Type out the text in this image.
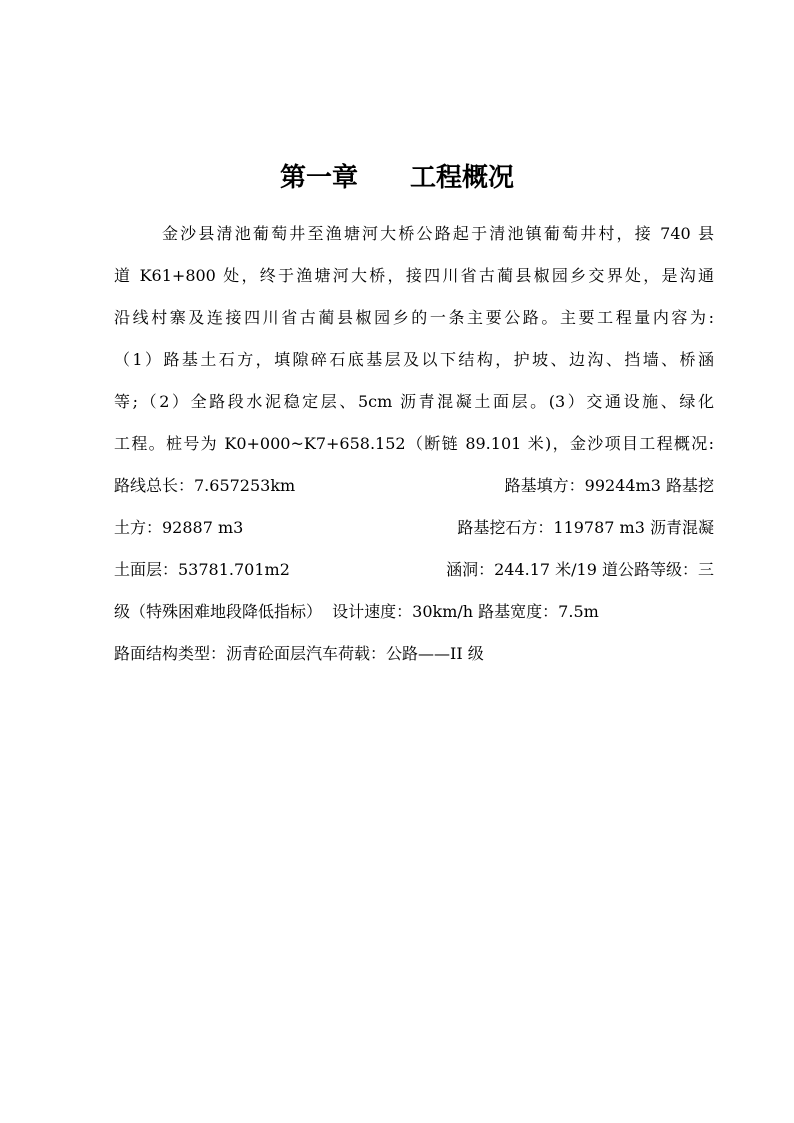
第一章　　工程概况
金沙县清池葡萄井至渔塘河大桥公路起于清池镇葡萄井村，接 740 县
道 K61+800 处，终于渔塘河大桥，接四川省古蔺县椒园乡交界处，是沟通
沿线村寨及连接四川省古蔺县椒园乡的一条主要公路。主要工程量内容为:
（1）路基土石方，填隙碎石底基层及以下结构，护坡、边沟、挡墙、桥涵
等;（2）全路段水泥稳定层、5cm 沥青混凝土面层。(3）交通设施、绿化
工程。桩号为 K0+000~K7+658.152（断链 89.101 米)，金沙项目工程概况:
路线总长：7.657253km	路基填方：99244m3 路基挖
土方：92887 m3	路基挖石方：119787 m3 沥青混凝
土面层：53781.701m2	涵洞：244.17 米/19 道公路等级：三
级（特殊困难地段降低指标）  设计速度：30km/h 路基宽度：7.5m
路面结构类型：沥青砼面层汽车荷载：公路——II 级
